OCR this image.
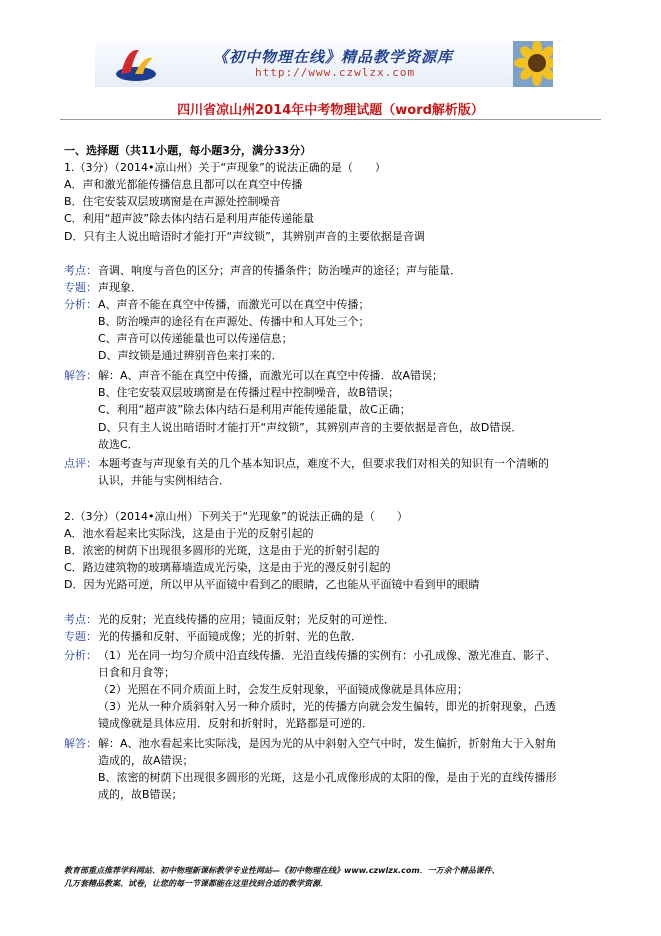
《初中物理在线》精品教学资源库
http://www.czwlzx.com
四川省凉山州2014年中考物理试题（word解析版）
一、选择题（共11小题，每小题3分，满分33分）
1.（3分）（2014•凉山州）关于“声现象”的说法正确的是（　　）
A．声和激光都能传播信息且都可以在真空中传播
B．住宅安装双层玻璃窗是在声源处控制噪音
C．利用“超声波”除去体内结石是利用声能传递能量
D．只有主人说出暗语时才能打开“声纹锁”，其辨别声音的主要依据是音调
考点： 音调、响度与音色的区分；声音的传播条件；防治噪声的途径；声与能量．
专题： 声现象．
分析： A、声音不能在真空中传播，而激光可以在真空中传播；
B、防治噪声的途径有在声源处、传播中和人耳处三个；
C、声音可以传递能量也可以传递信息；
D、声纹锁是通过辨别音色来打来的．
解答： 解：A、声音不能在真空中传播，而激光可以在真空中传播．故A错误；
B、住宅安装双层玻璃窗是在传播过程中控制噪音，故B错误；
C、利用“超声波”除去体内结石是利用声能传递能量，故C正确；
D、只有主人说出暗语时才能打开“声纹锁”，其辨别声音的主要依据是音色，故D错误．
故选C．
点评： 本题考查与声现象有关的几个基本知识点，难度不大，但要求我们对相关的知识有一个清晰的
认识，并能与实例相结合．
2.（3分）（2014•凉山州）下列关于“光现象”的说法正确的是（　　）
A．池水看起来比实际浅，这是由于光的反射引起的
B．浓密的树荫下出现很多圆形的光斑，这是由于光的折射引起的
C．路边建筑物的玻璃幕墙造成光污染，这是由于光的漫反射引起的
D．因为光路可逆，所以甲从平面镜中看到乙的眼睛，乙也能从平面镜中看到甲的眼睛
考点： 光的反射；光直线传播的应用；镜面反射；光反射的可逆性．
专题： 光的传播和反射、平面镜成像；光的折射、光的色散．
分析： （1）光在同一均匀介质中沿直线传播．光沿直线传播的实例有：小孔成像、激光准直、影子、
日食和月食等；
（2）光照在不同介质面上时，会发生反射现象，平面镜成像就是具体应用；
（3）光从一种介质斜射入另一种介质时，光的传播方向就会发生偏转，即光的折射现象，凸透
镜成像就是具体应用．反射和折射时，光路都是可逆的．
解答： 解：A、池水看起来比实际浅，是因为光的从中斜射入空气中时，发生偏折，折射角大于入射角
造成的，故A错误；
B、浓密的树荫下出现很多圆形的光斑，这是小孔成像形成的太阳的像，是由于光的直线传播形
成的，故B错误；
教育部重点推荐学科网站、初中物理新课标教学专业性网站—《初中物理在线》www.czwlzx.com．一万余个精品课件、
几万套精品教案、试卷，让您的每一节课都能在这里找到合适的教学资源．
